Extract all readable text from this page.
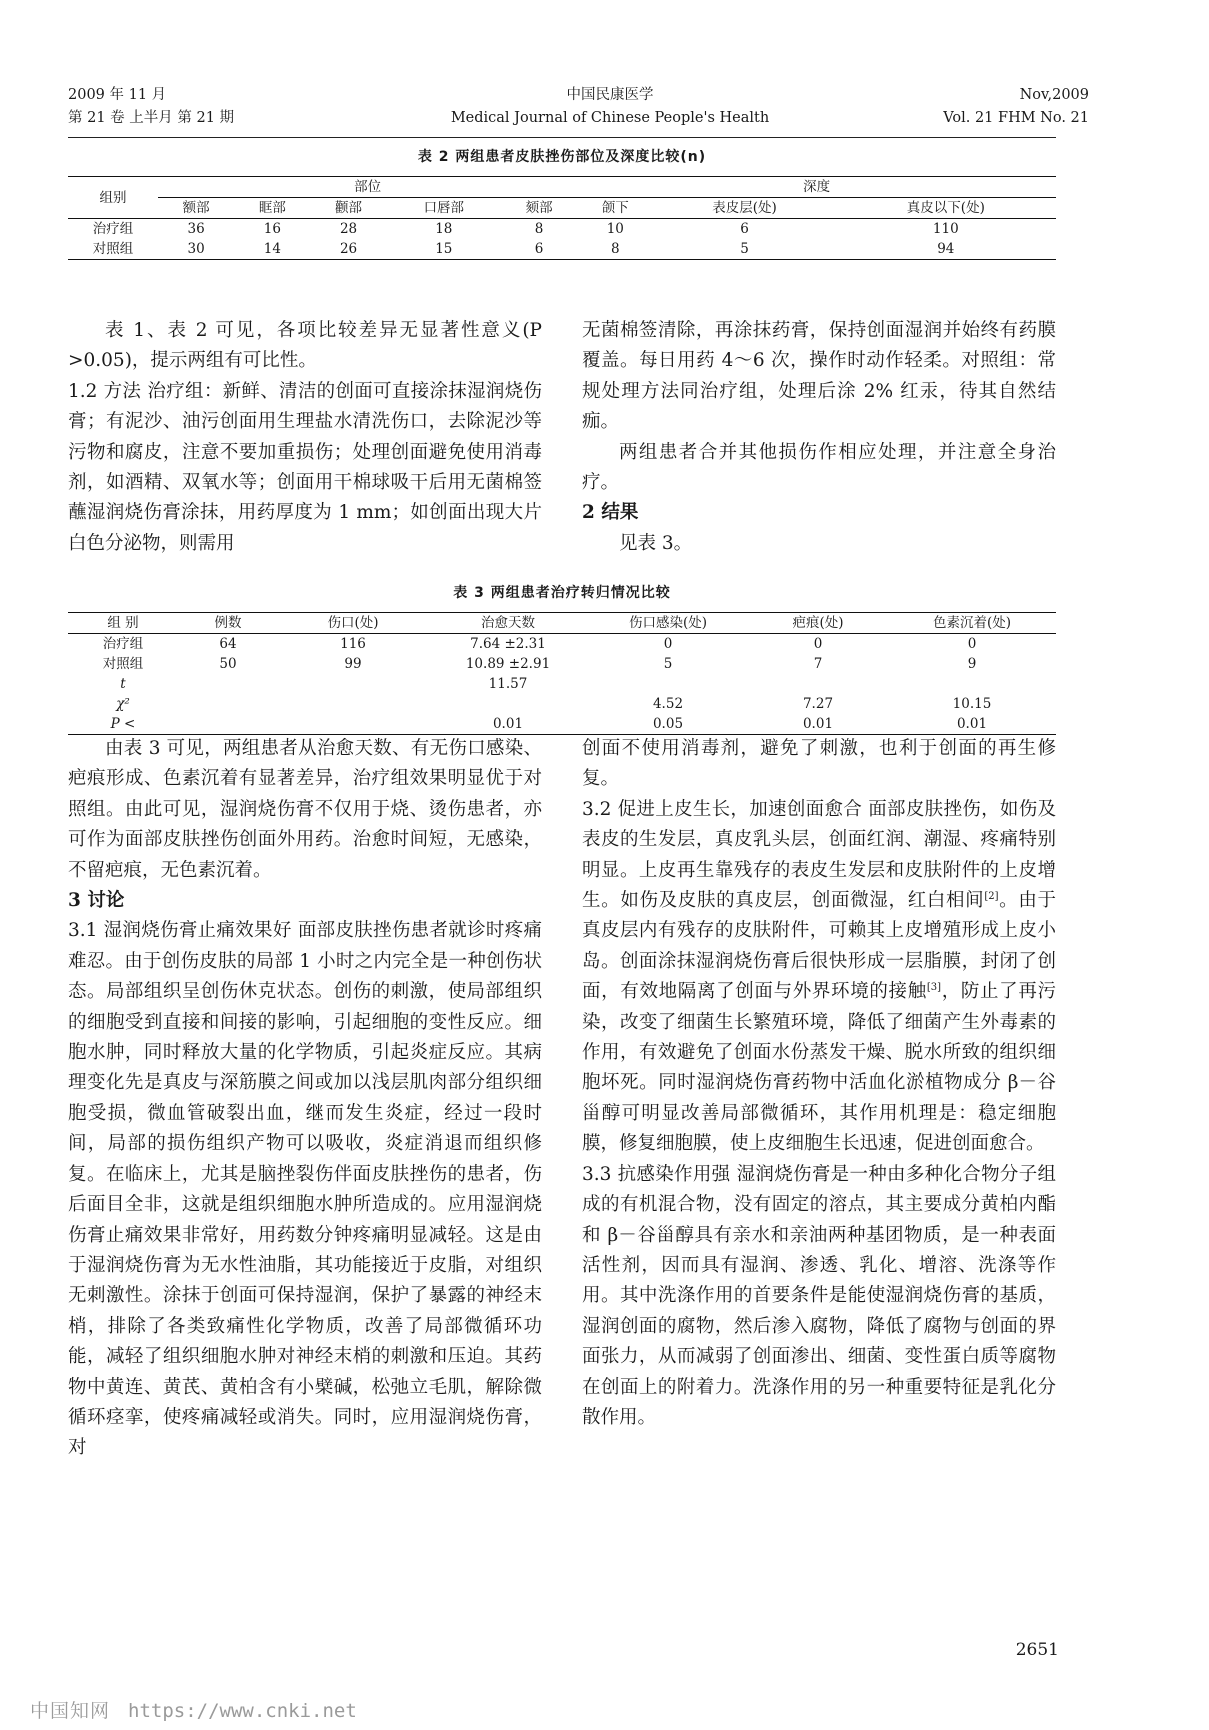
2009 年 11 月
第 21 卷 上半月 第 21 期
中国民康医学
Medical Journal of Chinese People's Health
Nov,2009
Vol. 21 FHM No. 21
表 2 两组患者皮肤挫伤部位及深度比较(n)
组别	部位					深度		
	额部	眶部	颧部	口唇部	颏部	颌下	表皮层(处)	真皮以下(处)
治疗组	36	16	28	18	8	10	6	110
对照组	30	14	26	15	6	8	5	94

表 1、表 2 可见，各项比较差异无显著性意义(P >0.05)，提示两组有可比性。

1.2 方法 治疗组：新鲜、清洁的创面可直接涂抹湿润烧伤膏；有泥沙、油污创面用生理盐水清洗伤口，去除泥沙等污物和腐皮，注意不要加重损伤；处理创面避免使用消毒剂，如酒精、双氧水等；创面用干棉球吸干后用无菌棉签蘸湿润烧伤膏涂抹，用药厚度为 1 mm；如创面出现大片白色分泌物，则需用

无菌棉签清除，再涂抹药膏，保持创面湿润并始终有药膜覆盖。每日用药 4～6 次，操作时动作轻柔。对照组：常规处理方法同治疗组，处理后涂 2% 红汞，待其自然结痂。

两组患者合并其他损伤作相应处理，并注意全身治疗。

2 结果

见表 3。

表 3 两组患者治疗转归情况比较
组 别	例数	伤口(处)	治愈天数	伤口感染(处)	疤痕(处)	色素沉着(处)
治疗组	64	116	7.64 ±2.31	0	0	0
对照组	50	99	10.89 ±2.91	5	7	9
t			11.57			
χ²				4.52	7.27	10.15
P <			0.01	0.05	0.01	0.01

由表 3 可见，两组患者从治愈天数、有无伤口感染、疤痕形成、色素沉着有显著差异，治疗组效果明显优于对照组。由此可见，湿润烧伤膏不仅用于烧、烫伤患者，亦可作为面部皮肤挫伤创面外用药。治愈时间短，无感染，不留疤痕，无色素沉着。

3 讨论

3.1 湿润烧伤膏止痛效果好 面部皮肤挫伤患者就诊时疼痛难忍。由于创伤皮肤的局部 1 小时之内完全是一种创伤状态。局部组织呈创伤休克状态。创伤的刺激，使局部组织的细胞受到直接和间接的影响，引起细胞的变性反应。细胞水肿，同时释放大量的化学物质，引起炎症反应。其病理变化先是真皮与深筋膜之间或加以浅层肌肉部分组织细胞受损，微血管破裂出血，继而发生炎症，经过一段时间，局部的损伤组织产物可以吸收，炎症消退而组织修复。在临床上，尤其是脑挫裂伤伴面皮肤挫伤的患者，伤后面目全非，这就是组织细胞水肿所造成的。应用湿润烧伤膏止痛效果非常好，用药数分钟疼痛明显减轻。这是由于湿润烧伤膏为无水性油脂，其功能接近于皮脂，对组织无刺激性。涂抹于创面可保持湿润，保护了暴露的神经末梢，排除了各类致痛性化学物质，改善了局部微循环功能，减轻了组织细胞水肿对神经末梢的刺激和压迫。其药物中黄连、黄芪、黄柏含有小檗碱，松弛立毛肌，解除微循环痉挛，使疼痛减轻或消失。同时，应用湿润烧伤膏，对

创面不使用消毒剂，避免了刺激，也利于创面的再生修复。

3.2 促进上皮生长，加速创面愈合 面部皮肤挫伤，如伤及表皮的生发层，真皮乳头层，创面红润、潮湿、疼痛特别明显。上皮再生靠残存的表皮生发层和皮肤附件的上皮增生。如伤及皮肤的真皮层，创面微湿，红白相间[2]。由于真皮层内有残存的皮肤附件，可赖其上皮增殖形成上皮小岛。创面涂抹湿润烧伤膏后很快形成一层脂膜，封闭了创面，有效地隔离了创面与外界环境的接触[3]，防止了再污染，改变了细菌生长繁殖环境，降低了细菌产生外毒素的作用，有效避免了创面水份蒸发干燥、脱水所致的组织细胞坏死。同时湿润烧伤膏药物中活血化淤植物成分 β－谷甾醇可明显改善局部微循环，其作用机理是：稳定细胞膜，修复细胞膜，使上皮细胞生长迅速，促进创面愈合。

3.3 抗感染作用强 湿润烧伤膏是一种由多种化合物分子组成的有机混合物，没有固定的溶点，其主要成分黄柏内酯和 β－谷甾醇具有亲水和亲油两种基团物质，是一种表面活性剂，因而具有湿润、渗透、乳化、增溶、洗涤等作用。其中洗涤作用的首要条件是能使湿润烧伤膏的基质，湿润创面的腐物，然后渗入腐物，降低了腐物与创面的界面张力，从而减弱了创面渗出、细菌、变性蛋白质等腐物在创面上的附着力。洗涤作用的另一种重要特征是乳化分散作用。

2651
中国知网 https://www.cnki.net
